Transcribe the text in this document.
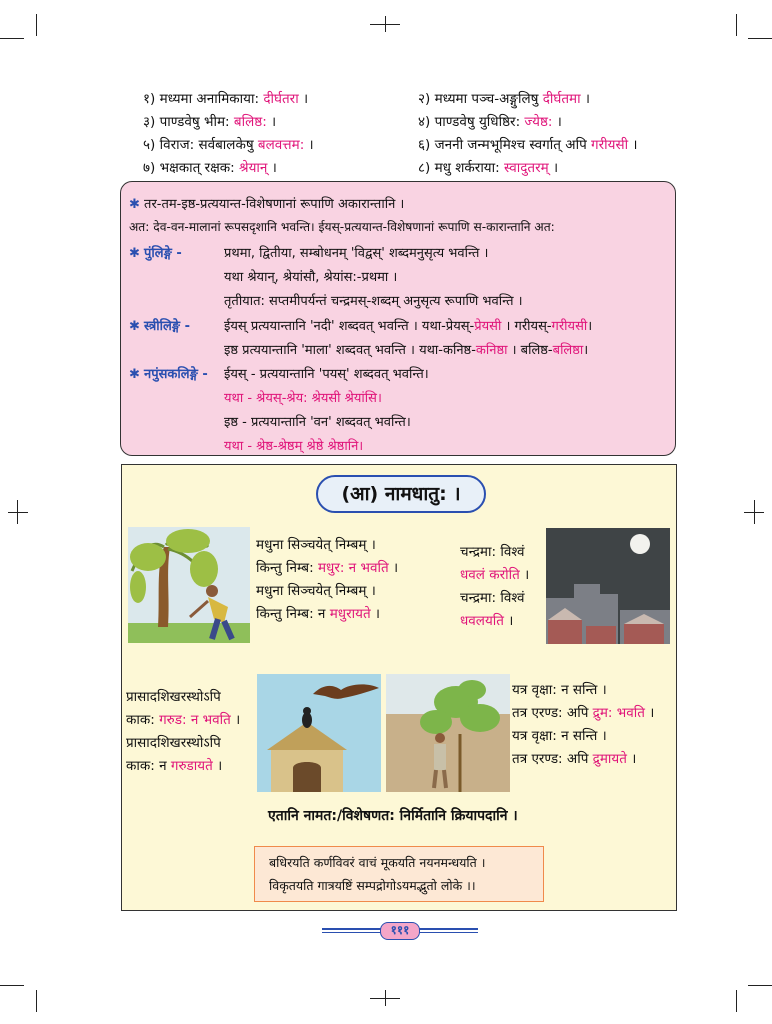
१) मध्यमा अनामिकाया: दीर्घतरा ।	२) मध्यमा पञ्च-अङ्गुलिषु दीर्घतमा ।
३) पाण्डवेषु भीम: बलिष्ठ: ।	४) पाण्डवेषु युधिष्ठिर: ज्येष्ठ: ।
५) विराज: सर्वबालकेषु बलवत्तम: ।	६) जननी जन्मभूमिश्च स्वर्गात् अपि गरीयसी ।
७) भक्षकात् रक्षक: श्रेयान् ।	८) मधु शर्कराया: स्वादुतरम् ।
✱ तर-तम-इष्ठ-प्रत्ययान्त-विशेषणानां रूपाणि अकारान्तानि ।
अत: देव-वन-मालानां रूपसदृशानि भवन्ति। ईयस्-प्रत्ययान्त-विशेषणानां रूपाणि स-कारान्तानि अत:
✱ पुंलिङ्गे -	प्रथमा, द्वितीया, सम्बोधनम् 'विद्वस्' शब्दमनुसृत्य भवन्ति ।
यथा श्रेयान्, श्रेयांसौ, श्रेयांस:-प्रथमा ।
तृतीयात: सप्तमीपर्यन्तं चन्द्रमस्-शब्दम् अनुसृत्य रूपाणि भवन्ति ।
✱ स्त्रीलिङ्गे -	ईयस् प्रत्ययान्तानि 'नदी' शब्दवत् भवन्ति । यथा-प्रेयस्-प्रेयसी । गरीयस्-गरीयसी।
इष्ठ प्रत्ययान्तानि 'माला' शब्दवत् भवन्ति । यथा-कनिष्ठ-कनिष्ठा । बलिष्ठ-बलिष्ठा।
✱ नपुंसकलिङ्गे - ईयस् - प्रत्ययान्तानि 'पयस्' शब्दवत् भवन्ति।
यथा - श्रेयस्-श्रेय: श्रेयसी श्रेयांसि।
इष्ठ - प्रत्ययान्तानि 'वन' शब्दवत् भवन्ति।
यथा - श्रेष्ठ-श्रेष्ठम् श्रेष्ठे श्रेष्ठानि।
(आ) नामधातु: ।
मधुना सिञ्चयेत् निम्बम् ।
किन्तु निम्ब: मधुर: न भवति ।
मधुना सिञ्चयेत् निम्बम् ।
किन्तु निम्ब: न मधुरायते ।
चन्द्रमा: विश्वं
धवलं करोति ।
चन्द्रमा: विश्वं
धवलयति ।
प्रासादशिखरस्थोऽपि
काक: गरुड: न भवति ।
प्रासादशिखरस्थोऽपि
काक: न गरुडायते ।
यत्र वृक्षा: न सन्ति ।
तत्र एरण्ड: अपि द्रुम: भवति ।
यत्र वृक्षा: न सन्ति ।
तत्र एरण्ड: अपि द्रुमायते ।
एतानि नामत:/विशेषणत: निर्मितानि क्रियापदानि ।
बधिरयति कर्णविवरं वाचं मूकयति नयनमन्धयति ।
विकृतयति गात्रयष्टिं सम्पद्रोगोऽयमद्भुतो लोके ।।
१११
